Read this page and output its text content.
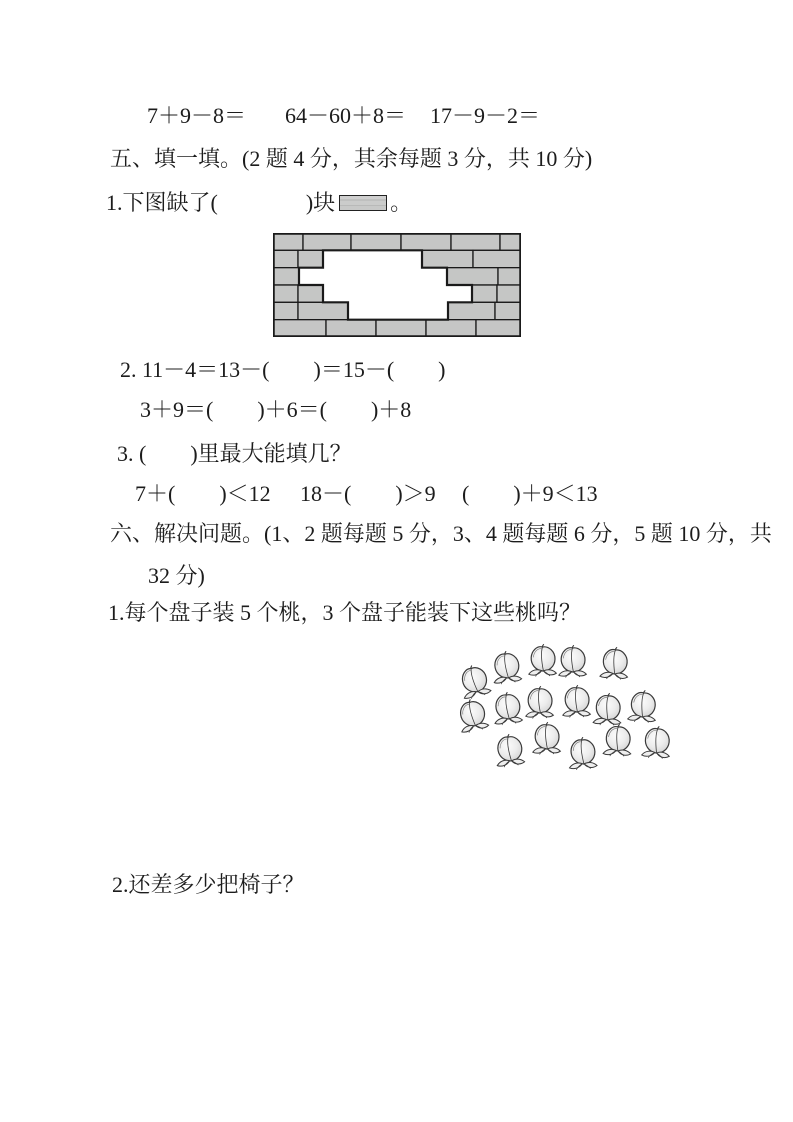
7＋9－8＝ 64－60＋8＝ 17－9－2＝
五、填一填。(2 题 4 分，其余每题 3 分，共 10 分)
1.下图缺了(　　　　)块	。
2. 11－4＝13－(　　)＝15－(　　)
3＋9＝(　　)＋6＝(　　)＋8
3. (　　)里最大能填几？
7＋(　　)＜12 18－(　　)＞9 (　　)＋9＜13
六、解决问题。(1、2 题每题 5 分，3、4 题每题 6 分，5 题 10 分，共
32 分)
1.每个盘子装 5 个桃，3 个盘子能装下这些桃吗？
2.还差多少把椅子？
